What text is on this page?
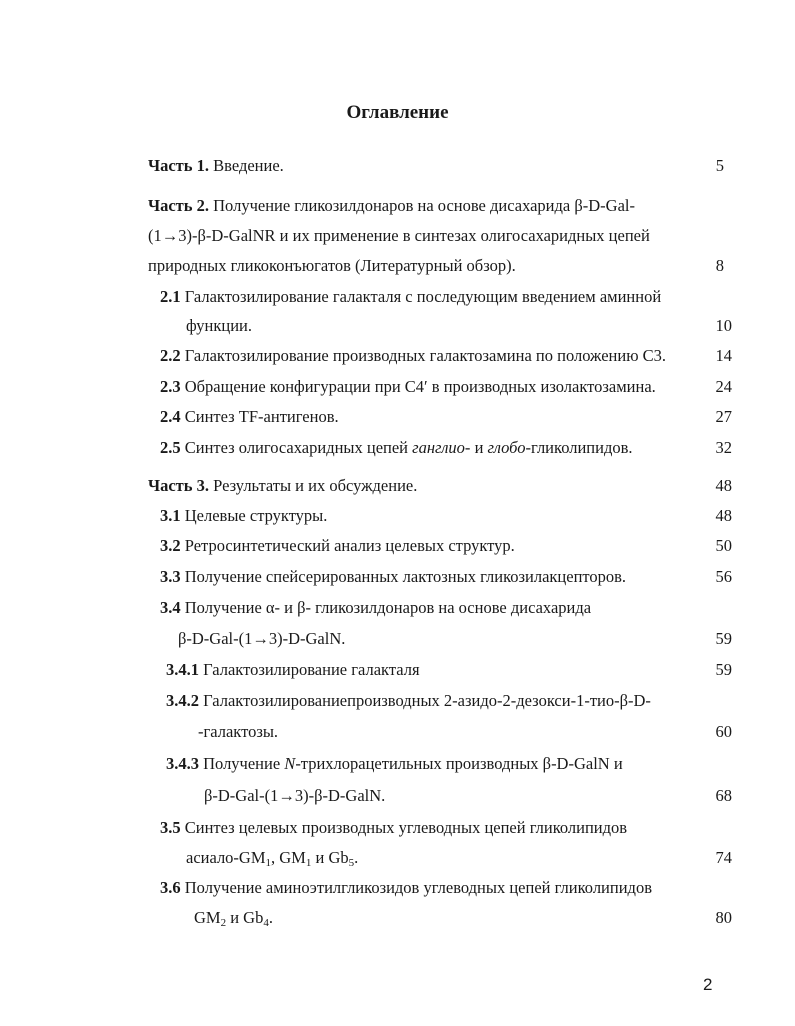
Оглавление
Часть 1. Введение.	5
Часть 2. Получение гликозилдонаров на основе дисахарида β-D-Gal-
(1→3)-β-D-GalNR и их применение в синтезах олигосахаридных цепей
природных гликоконъюгатов (Литературный обзор).	8
2.1 Галактозилирование галакталя с последующим введением аминной
функции.	10
2.2 Галактозилирование производных галактозамина по положению С3.	14
2.3 Обращение конфигурации при С4′ в производных изолактозамина.	24
2.4 Синтез ТF-антигенов.	27
2.5 Синтез олигосахаридных цепей ганглио- и глобо-гликолипидов.	32
Часть 3. Результаты и их обсуждение.	48
3.1 Целевые структуры.	48
3.2 Ретросинтетический анализ целевых структур.	50
3.3 Получение спейсерированных лактозных гликозилакцепторов.	56
3.4 Получение α- и β- гликозилдонаров на основе дисахарида
β-D-Gal-(1→3)-D-GalN.	59
3.4.1 Галактозилирование галакталя	59
3.4.2 Галактозилированиепроизводных 2-азидо-2-дезокси-1-тио-β-D-
-галактозы.	60
3.4.3 Получение N-трихлорацетильных производных β-D-GalN и
β-D-Gal-(1→3)-β-D-GalN.	68
3.5 Синтез целевых производных углеводных цепей гликолипидов
асиало-$GM_1$, $GM_1$ и $Gb_5$.	74
3.6 Получение аминоэтилгликозидов углеводных цепей гликолипидов
$GM_2$ и $Gb_4$.	80
2
